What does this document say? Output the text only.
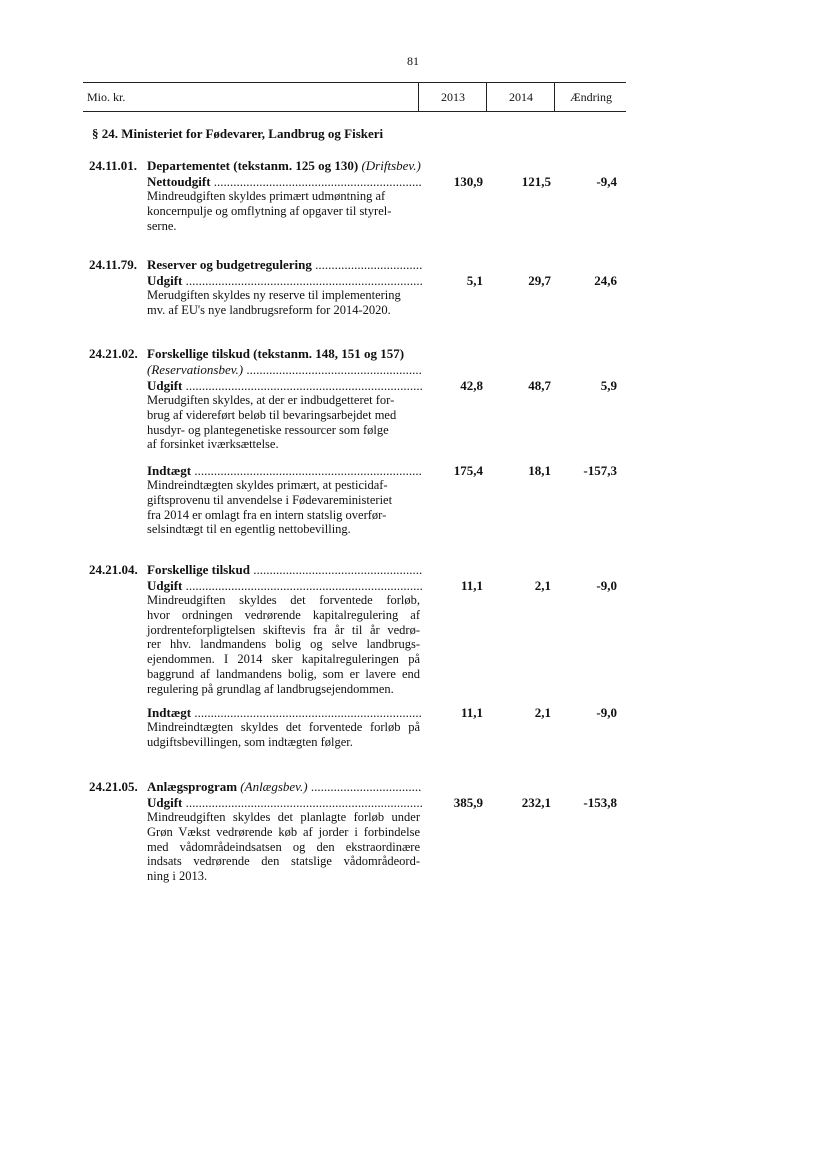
81
Mio. kr.	2013	2014	Ændring
§ 24. Ministeriet for Fødevarer, Landbrug og Fiskeri
24.11.01. Departementet (tekstanm. 125 og 130) (Driftsbev.)
Nettoudgift .....	130,9	121,5	-9,4
Mindreudgiften skyldes primært udmøntning af
koncernpulje og omflytning af opgaver til styrel-
serne.
24.11.79. Reserver og budgetregulering .....
Udgift .....	5,1	29,7	24,6
Merudgiften skyldes ny reserve til implementering
mv. af EU's nye landbrugsreform for 2014-2020.
24.21.02. Forskellige tilskud (tekstanm. 148, 151 og 157)
(Reservationsbev.) .....
Udgift .....	42,8	48,7	5,9
Merudgiften skyldes, at der er indbudgetteret for-
brug af videreført beløb til bevaringsarbejdet med
husdyr- og plantegenetiske ressourcer som følge
af forsinket iværksættelse.
Indtægt .....	175,4	18,1	-157,3
Mindreindtægten skyldes primært, at pesticidaf-
giftsprovenu til anvendelse i Fødevareministeriet
fra 2014 er omlagt fra en intern statslig overfør-
selsindtægt til en egentlig nettobevilling.
24.21.04. Forskellige tilskud .....
Udgift .....	11,1	2,1	-9,0
Mindreudgiften skyldes det forventede forløb,
hvor ordningen vedrørende kapitalregulering af
jordrenteforpligtelsen skiftevis fra år til år vedrø-
rer hhv. landmandens bolig og selve landbrugs-
ejendommen. I 2014 sker kapitalreguleringen på
baggrund af landmandens bolig, som er lavere end
regulering på grundlag af landbrugsejendommen.
Indtægt .....	11,1	2,1	-9,0
Mindreindtægten skyldes det forventede forløb på
udgiftsbevillingen, som indtægten følger.
24.21.05. Anlægsprogram (Anlægsbev.) .....
Udgift .....	385,9	232,1	-153,8
Mindreudgiften skyldes det planlagte forløb under
Grøn Vækst vedrørende køb af jorder i forbindelse
med vådområdeindsatsen og den ekstraordinære
indsats vedrørende den statslige vådområdeord-
ning i 2013.
